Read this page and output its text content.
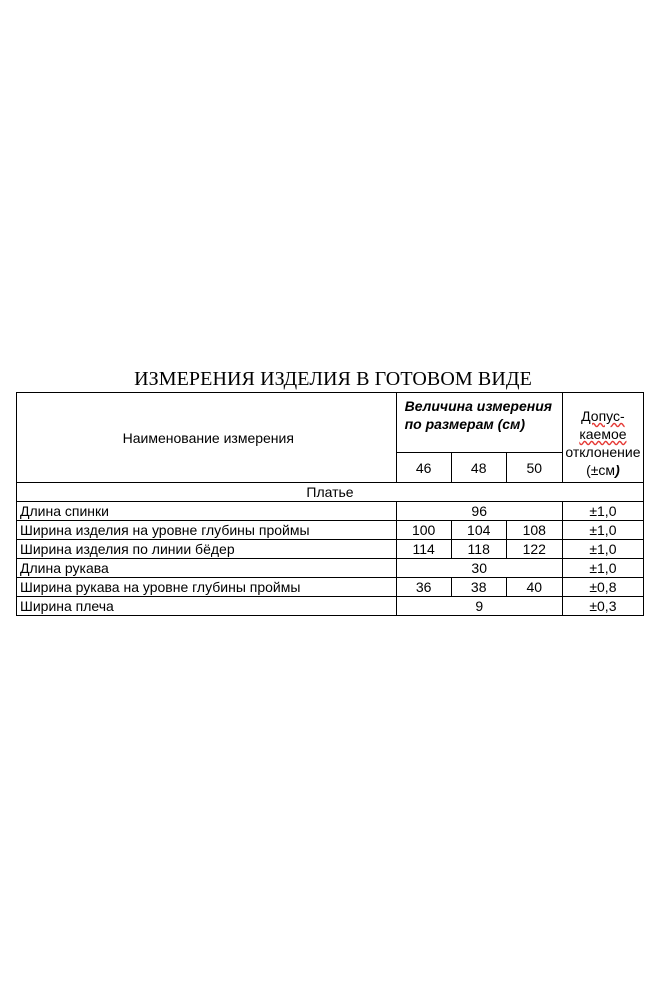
ИЗМЕРЕНИЯ ИЗДЕЛИЯ В ГОТОВОМ ВИДЕ
Наименование измерения	Величина измерения по размерам (см)			Допус-
каемое
отклонение
(±см)
	46	48	50	
Платье				
Длина спинки	96			±1,0
Ширина изделия на уровне глубины проймы	100	104	108	±1,0
Ширина изделия по линии бёдер	114	118	122	±1,0
Длина рукава	30			±1,0
Ширина рукава на уровне глубины проймы	36	38	40	±0,8
Ширина плеча	9			±0,3
